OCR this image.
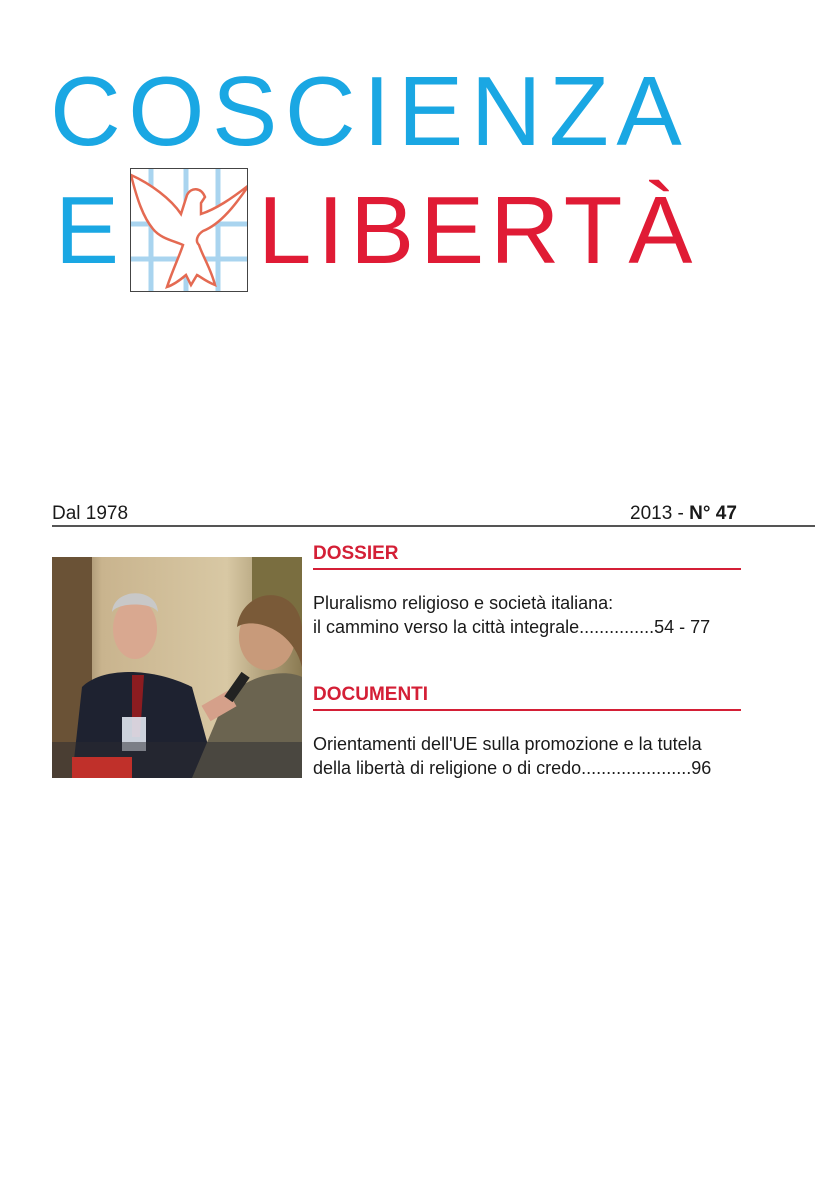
COSCIENZA
E LIBERTÀ
Dal 1978	2013 - N° 47
DOSSIER
Pluralismo religioso e società italiana:
il cammino verso la città integrale...............54 - 77
DOCUMENTI
Orientamenti dell'UE sulla promozione e la tutela
della libertà di religione o di credo......................96
